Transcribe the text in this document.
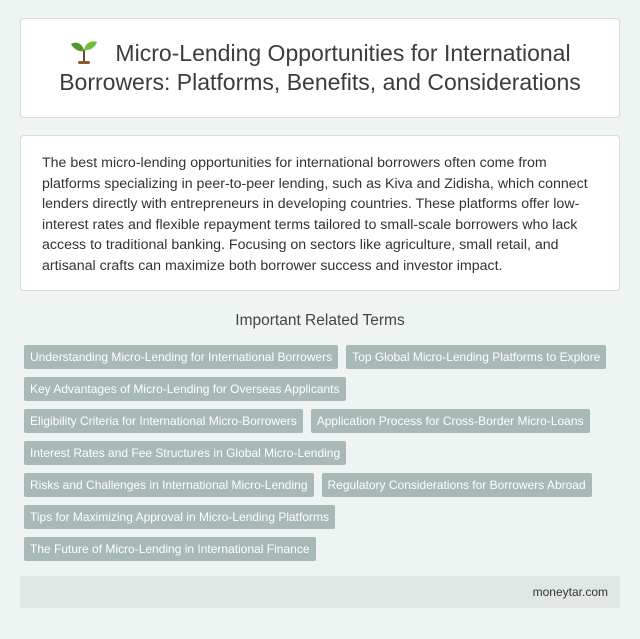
Micro-Lending Opportunities for International Borrowers: Platforms, Benefits, and Considerations

The best micro-lending opportunities for international borrowers often come from platforms specializing in peer-to-peer lending, such as Kiva and Zidisha, which connect lenders directly with entrepreneurs in developing countries. These platforms offer low-interest rates and flexible repayment terms tailored to small-scale borrowers who lack access to traditional banking. Focusing on sectors like agriculture, small retail, and artisanal crafts can maximize both borrower success and investor impact.

Important Related Terms
Understanding Micro-Lending for International Borrowers	Top Global Micro-Lending Platforms to Explore
Key Advantages of Micro-Lending for Overseas Applicants
Eligibility Criteria for International Micro-Borrowers	Application Process for Cross-Border Micro-Loans
Interest Rates and Fee Structures in Global Micro-Lending
Risks and Challenges in International Micro-Lending	Regulatory Considerations for Borrowers Abroad
Tips for Maximizing Approval in Micro-Lending Platforms
The Future of Micro-Lending in International Finance
moneytar.com
